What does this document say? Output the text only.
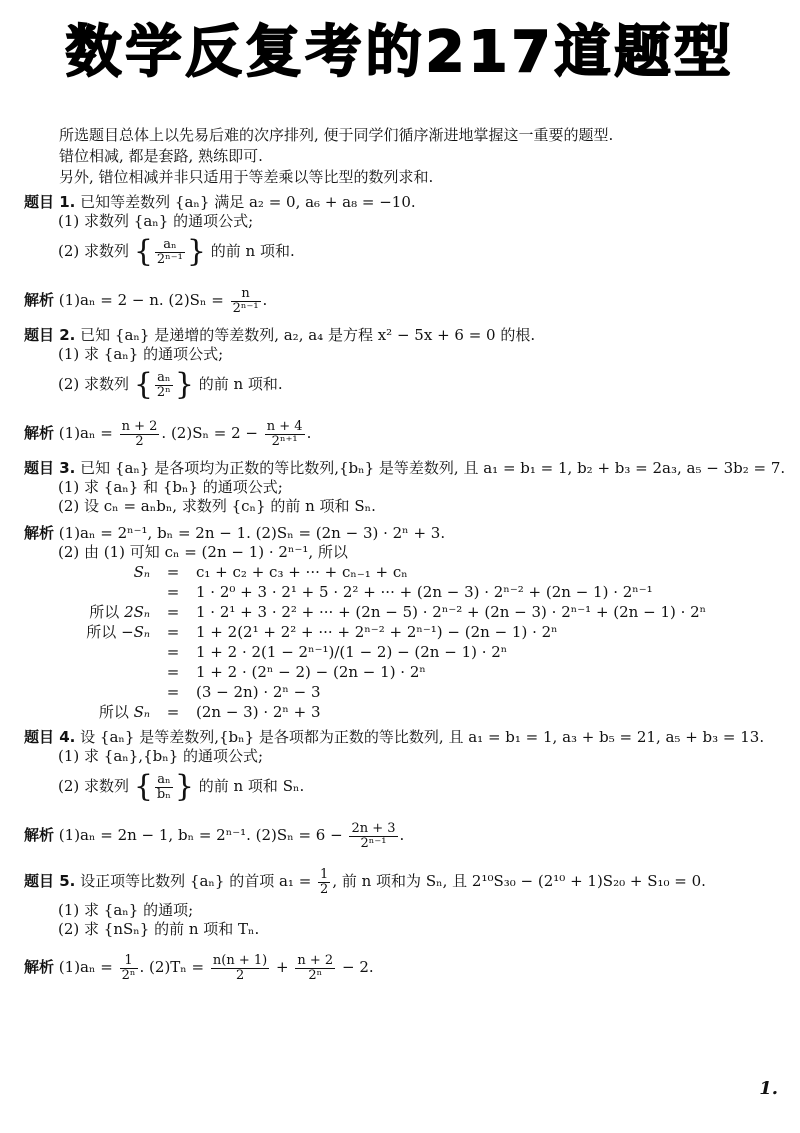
数学反复考的217道题型

所选题目总体上以先易后难的次序排列, 便于同学们循序渐进地掌握这一重要的题型.

错位相减, 都是套路, 熟练即可.

另外, 错位相减并非只适用于等差乘以等比型的数列求和.

题目 1. 已知等差数列 {aₙ} 满足 a₂ = 0, a₆ + a₈ = −10.

(1) 求数列 {aₙ} 的通项公式;

(2) 求数列 { $\frac{\text{aₙ}}{\text{2ⁿ⁻¹}}$ } 的前 n 项和.

解析 (1)aₙ = 2 − n. $(2)S_n = \frac{n}{\text{2ⁿ⁻¹}}$ .

题目 2. 已知 {aₙ} 是递增的等差数列, a₂, a₄ 是方程 x² − 5x + 6 = 0 的根.

(1) 求 {aₙ} 的通项公式;

(2) 求数列 { $\frac{\text{aₙ}}{\text{2ⁿ}}$ } 的前 n 项和.

解析 $(1)a_n = \frac{n + 2}{2}$ . $(2)S_n = 2 - \frac{n + 4}{\text{2ⁿ⁺¹}}$ .

题目 3. 已知 {aₙ} 是各项均为正数的等比数列,{bₙ} 是等差数列, 且 a₁ = b₁ = 1, b₂ + b₃ = 2a₃, a₅ − 3b₂ = 7.

(1) 求 {aₙ} 和 {bₙ} 的通项公式;

(2) 设 cₙ = aₙbₙ, 求数列 {cₙ} 的前 n 项和 Sₙ.

解析 (1)aₙ = 2ⁿ⁻¹, bₙ = 2n − 1. (2)Sₙ = (2n − 3) · 2ⁿ + 3.

(2) 由 (1) 可知 cₙ = (2n − 1) · 2ⁿ⁻¹, 所以

Sₙ	=	c₁ + c₂ + c₃ + ··· + cₙ₋₁ + cₙ
	=	1 · 2⁰ + 3 · 2¹ + 5 · 2² + ··· + (2n − 3) · 2ⁿ⁻² + (2n − 1) · 2ⁿ⁻¹
所以 2Sₙ	=	1 · 2¹ + 3 · 2² + ··· + (2n − 5) · 2ⁿ⁻² + (2n − 3) · 2ⁿ⁻¹ + (2n − 1) · 2ⁿ
所以 −Sₙ	=	1 + 2(2¹ + 2² + ··· + 2ⁿ⁻² + 2ⁿ⁻¹) − (2n − 1) · 2ⁿ
	=	1 + 2 · 2(1 − 2ⁿ⁻¹)/(1 − 2) − (2n − 1) · 2ⁿ
	=	1 + 2 · (2ⁿ − 2) − (2n − 1) · 2ⁿ
	=	(3 − 2n) · 2ⁿ − 3
所以 Sₙ	=	(2n − 3) · 2ⁿ + 3

题目 4. 设 {aₙ} 是等差数列,{bₙ} 是各项都为正数的等比数列, 且 a₁ = b₁ = 1, a₃ + b₅ = 21, a₅ + b₃ = 13.

(1) 求 {aₙ},{bₙ} 的通项公式;

(2) 求数列 { $\frac{\text{aₙ}}{\text{bₙ}}$ } 的前 n 项和 Sₙ.

解析 (1)aₙ = 2n − 1, bₙ = 2ⁿ⁻¹. $(2)S_n = 6 - \frac{2n + 3}{\text{2ⁿ⁻¹}}$ .

题目 5. 设正项等比数列 {aₙ} 的首项 $a_1 = \frac{1}{2}$ , 前 n 项和为 Sₙ, 且 2¹⁰S₃₀ − (2¹⁰ + 1)S₂₀ + S₁₀ = 0.

(1) 求 {aₙ} 的通项;

(2) 求 {nSₙ} 的前 n 项和 Tₙ.

解析 $(1)a_n = \frac{1}{\text{2ⁿ}}$ . $(2)T_n = \frac{n(n + 1)}{2} + \frac{n + 2}{\text{2ⁿ}} - 2$.

1.
